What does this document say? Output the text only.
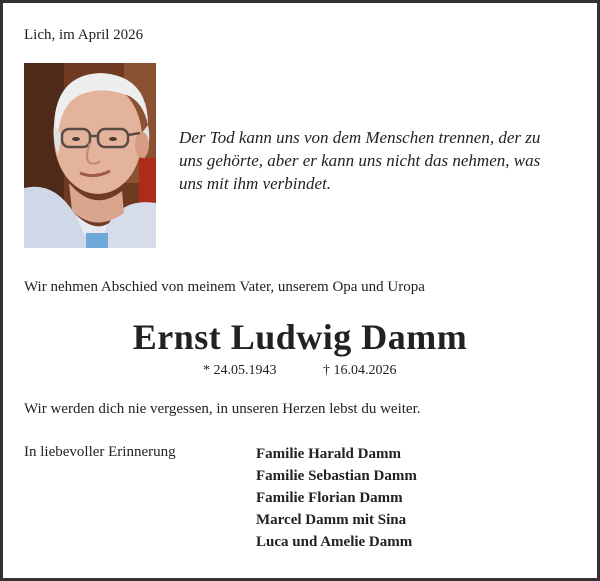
Lich, im April 2026
Der Tod kann uns von dem Menschen trennen, der zu
uns gehörte, aber er kann uns nicht das nehmen, was
uns mit ihm verbindet.
Wir nehmen Abschied von meinem Vater, unserem Opa und Uropa
Ernst Ludwig Damm
* 24.05.1943	† 16.04.2026
Wir werden dich nie vergessen, in unseren Herzen lebst du weiter.
In liebevoller Erinnerung	Familie Harald Damm
Familie Sebastian Damm
Familie Florian Damm
Marcel Damm mit Sina
Luca und Amelie Damm
